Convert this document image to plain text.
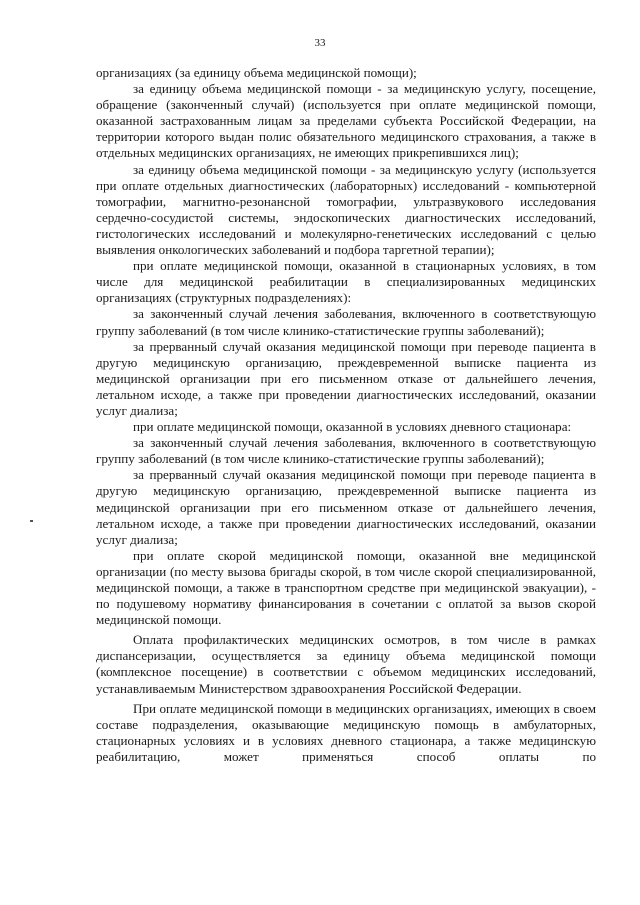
33

организациях (за единицу объема медицинской помощи);

за единицу объема медицинской помощи - за медицинскую услугу, посещение, обращение (законченный случай) (используется при оплате медицинской помощи, оказанной застрахованным лицам за пределами субъекта Российской Федерации, на территории которого выдан полис обязательного медицинского страхования, а также в отдельных медицинских организациях, не имеющих прикрепившихся лиц);

за единицу объема медицинской помощи - за медицинскую услугу (используется при оплате отдельных диагностических (лабораторных) исследований - компьютерной томографии, магнитно-резонансной томографии, ультразвукового исследования сердечно-сосудистой системы, эндоскопических диагностических исследований, гистологических исследований и молекулярно-генетических исследований с целью выявления онкологических заболеваний и подбора таргетной терапии);

при оплате медицинской помощи, оказанной в стационарных условиях, в том числе для медицинской реабилитации в специализированных медицинских организациях (структурных подразделениях):

за законченный случай лечения заболевания, включенного в соответствующую группу заболеваний (в том числе клинико-статистические группы заболеваний);

за прерванный случай оказания медицинской помощи при переводе пациента в другую медицинскую организацию, преждевременной выписке пациента из медицинской организации при его письменном отказе от дальнейшего лечения, летальном исходе, а также при проведении диагностических исследований, оказании услуг диализа;

при оплате медицинской помощи, оказанной в условиях дневного стационара:

за законченный случай лечения заболевания, включенного в соответствующую группу заболеваний (в том числе клинико-статистические группы заболеваний);

за прерванный случай оказания медицинской помощи при переводе пациента в другую медицинскую организацию, преждевременной выписке пациента из медицинской организации при его письменном отказе от дальнейшего лечения, летальном исходе, а также при проведении диагностических исследований, оказании услуг диализа;

при оплате скорой медицинской помощи, оказанной вне медицинской организации (по месту вызова бригады скорой, в том числе скорой специализированной, медицинской помощи, а также в транспортном средстве при медицинской эвакуации), - по подушевому нормативу финансирования в сочетании с оплатой за вызов скорой медицинской помощи.

Оплата профилактических медицинских осмотров, в том числе в рамках диспансеризации, осуществляется за единицу объема медицинской помощи (комплексное посещение) в соответствии с объемом медицинских исследований, устанавливаемым Министерством здравоохранения Российской Федерации.

При оплате медицинской помощи в медицинских организациях, имеющих в своем составе подразделения, оказывающие медицинскую помощь в амбулаторных, стационарных условиях и в условиях дневного стационара, а также медицинскую реабилитацию, может применяться способ оплаты по
